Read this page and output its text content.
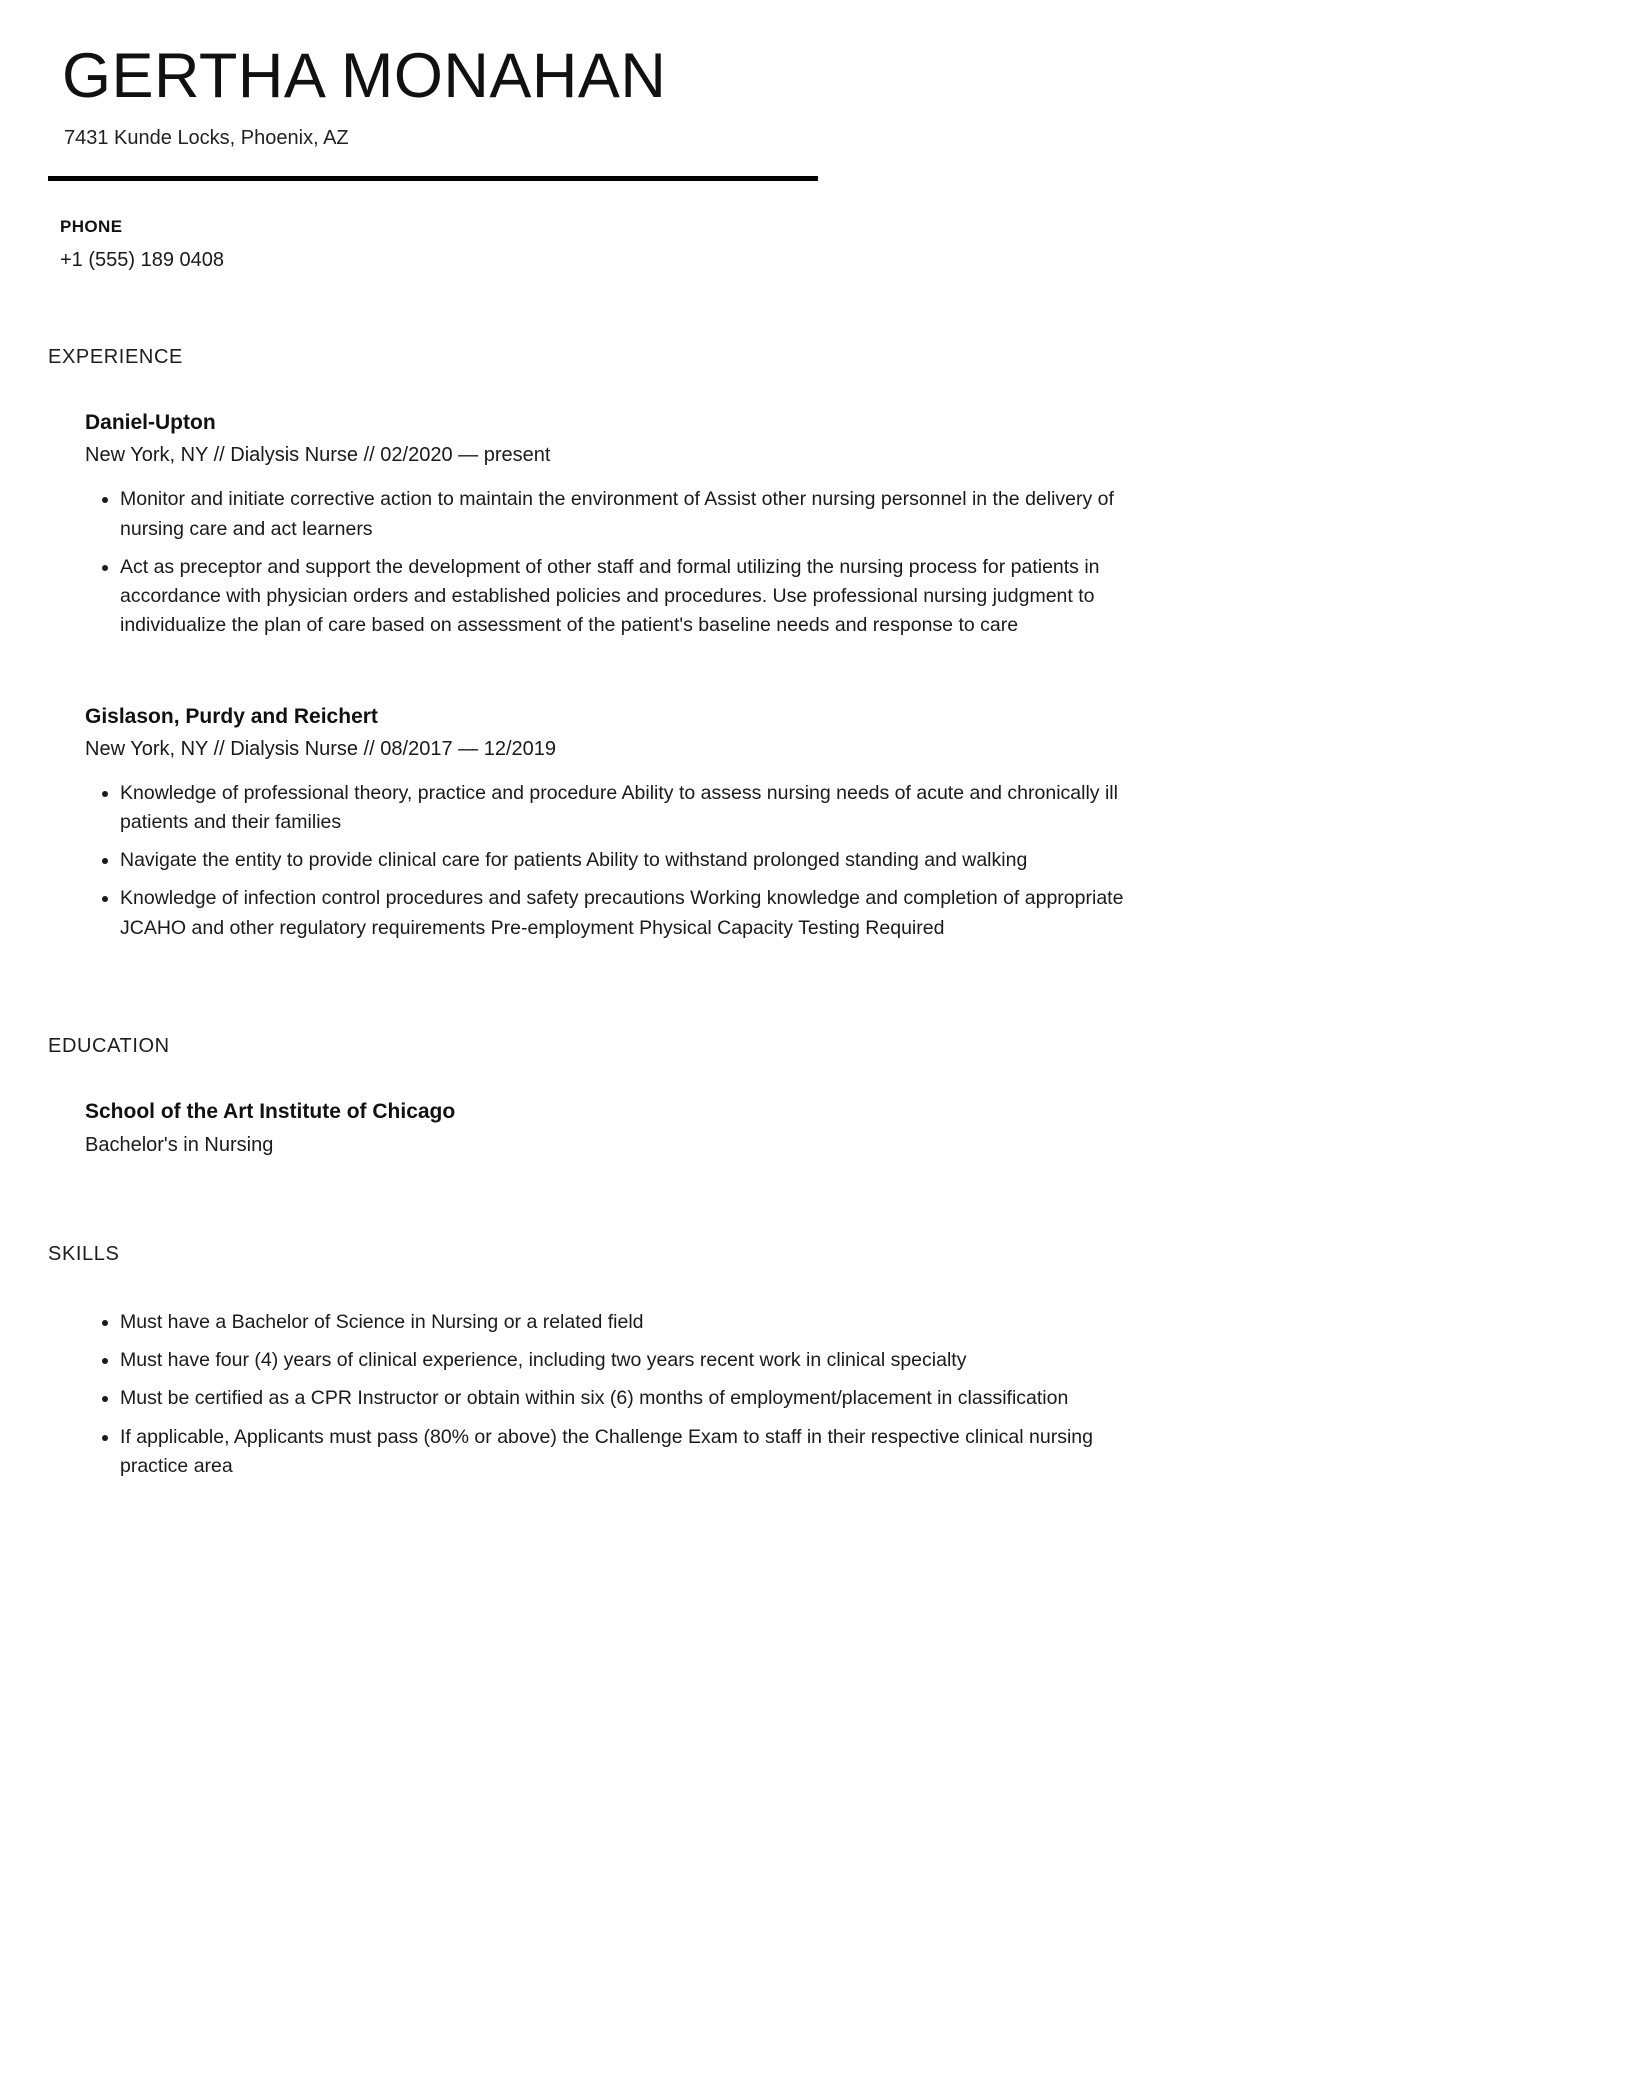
GERTHA MONAHAN
7431 Kunde Locks, Phoenix, AZ
PHONE
+1 (555) 189 0408
EXPERIENCE
Daniel-Upton
New York, NY // Dialysis Nurse // 02/2020 — present
• Monitor and initiate corrective action to maintain the environment of Assist other nursing personnel in the delivery of nursing care and act learners
• Act as preceptor and support the development of other staff and formal utilizing the nursing process for patients in accordance with physician orders and established policies and procedures. Use professional nursing judgment to individualize the plan of care based on assessment of the patient's baseline needs and response to care
Gislason, Purdy and Reichert
New York, NY // Dialysis Nurse // 08/2017 — 12/2019
• Knowledge of professional theory, practice and procedure Ability to assess nursing needs of acute and chronically ill patients and their families
• Navigate the entity to provide clinical care for patients Ability to withstand prolonged standing and walking
• Knowledge of infection control procedures and safety precautions Working knowledge and completion of appropriate JCAHO and other regulatory requirements Pre-employment Physical Capacity Testing Required
EDUCATION
School of the Art Institute of Chicago
Bachelor's in Nursing
SKILLS
• Must have a Bachelor of Science in Nursing or a related field
• Must have four (4) years of clinical experience, including two years recent work in clinical specialty
• Must be certified as a CPR Instructor or obtain within six (6) months of employment/placement in classification
• If applicable, Applicants must pass (80% or above) the Challenge Exam to staff in their respective clinical nursing practice area
